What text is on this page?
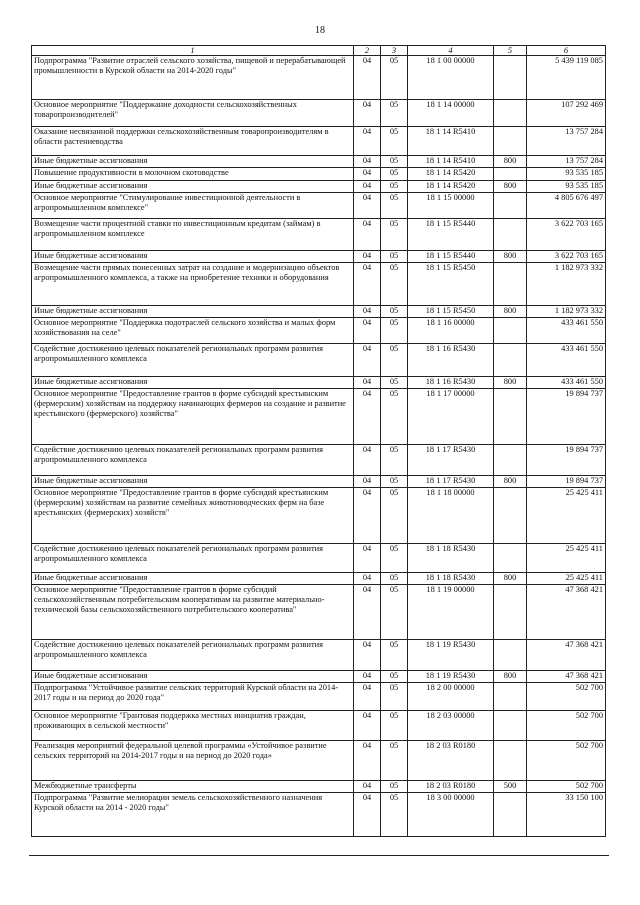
18
1	2	3	4	5	6
Подпрограмма "Развитие отраслей сельского хозяйства, пищевой и перерабатывающей промышленности в Курской области на 2014-2020 годы"	04	05	18 1 00 00000		5 439 119 085
Основное мероприятие "Поддержание доходности сельскохозяйственных товаропроизводителей"	04	05	18 1 14 00000		107 292 469
Оказание несвязанной поддержки сельскохозяйственным товаропроизводителям в области растениеводства	04	05	18 1 14 R5410		13 757 284
Иные бюджетные ассигнования	04	05	18 1 14 R5410	800	13 757 284
Повышение продуктивности в молочном скотоводстве	04	05	18 1 14 R5420		93 535 185
Иные бюджетные ассигнования	04	05	18 1 14 R5420	800	93 535 185
Основное мероприятие "Стимулирование инвестиционной деятельности в агропромышленном комплексе"	04	05	18 1 15 00000		4 805 676 497
Возмещение части процентной ставки по инвестиционным кредитам (займам) в агропромышленном комплексе	04	05	18 1 15 R5440		3 622 703 165
Иные бюджетные ассигнования	04	05	18 1 15 R5440	800	3 622 703 165
Возмещение части прямых понесенных затрат на создание и модернизацию объектов агропромышленного комплекса, а также на приобретение техники и оборудования	04	05	18 1 15 R5450		1 182 973 332
Иные бюджетные ассигнования	04	05	18 1 15 R5450	800	1 182 973 332
Основное мероприятие "Поддержка подотраслей сельского хозяйства и малых форм хозяйствования на селе"	04	05	18 1 16 00000		433 461 550
Содействие достижению целевых показателей региональных программ развития агропромышленного комплекса	04	05	18 1 16 R5430		433 461 550
Иные бюджетные ассигнования	04	05	18 1 16 R5430	800	433 461 550
Основное мероприятие "Предоставление грантов в форме субсидий крестьянским (фермерским) хозяйствам на поддержку начинающих фермеров на создание и развитие крестьянского (фермерского) хозяйства"	04	05	18 1 17 00000		19 894 737
Содействие достижению целевых показателей региональных программ развития агропромышленного комплекса	04	05	18 1 17 R5430		19 894 737
Иные бюджетные ассигнования	04	05	18 1 17 R5430	800	19 894 737
Основное мероприятие "Предоставление грантов в форме субсидий крестьянским (фермерским) хозяйствам на развитие семейных животноводческих ферм на базе крестьянских (фермерских) хозяйств"	04	05	18 1 18 00000		25 425 411
Содействие достижению целевых показателей региональных программ развития агропромышленного комплекса	04	05	18 1 18 R5430		25 425 411
Иные бюджетные ассигнования	04	05	18 1 18 R5430	800	25 425 411
Основное мероприятие "Предоставление грантов в форме субсидий сельскохозяйственным потребительским кооперативам на развитие материально-технической базы сельскохозяйственного потребительского кооператива"	04	05	18 1 19 00000		47 368 421
Содействие достижению целевых показателей региональных программ развития агропромышленного комплекса	04	05	18 1 19 R5430		47 368 421
Иные бюджетные ассигнования	04	05	18 1 19 R5430	800	47 368 421
Подпрограмма "Устойчивое развитие сельских территорий Курской области на 2014-2017 годы и на период до 2020 года"	04	05	18 2 00 00000		502 700
Основное мероприятие "Грантовая поддержка местных инициатив граждан, проживающих в сельской местности"	04	05	18 2 03 00000		502 700
Реализация мероприятий федеральной целевой программы «Устойчивое развитие сельских территорий на 2014-2017 годы и на период до 2020 года»	04	05	18 2 03 R0180		502 700
Межбюджетные трансферты	04	05	18 2 03 R0180	500	502 700
Подпрограмма "Развитие мелиорации земель сельскохозяйственного назначения Курской области на 2014 - 2020 годы"	04	05	18 3 00 00000		33 150 100
